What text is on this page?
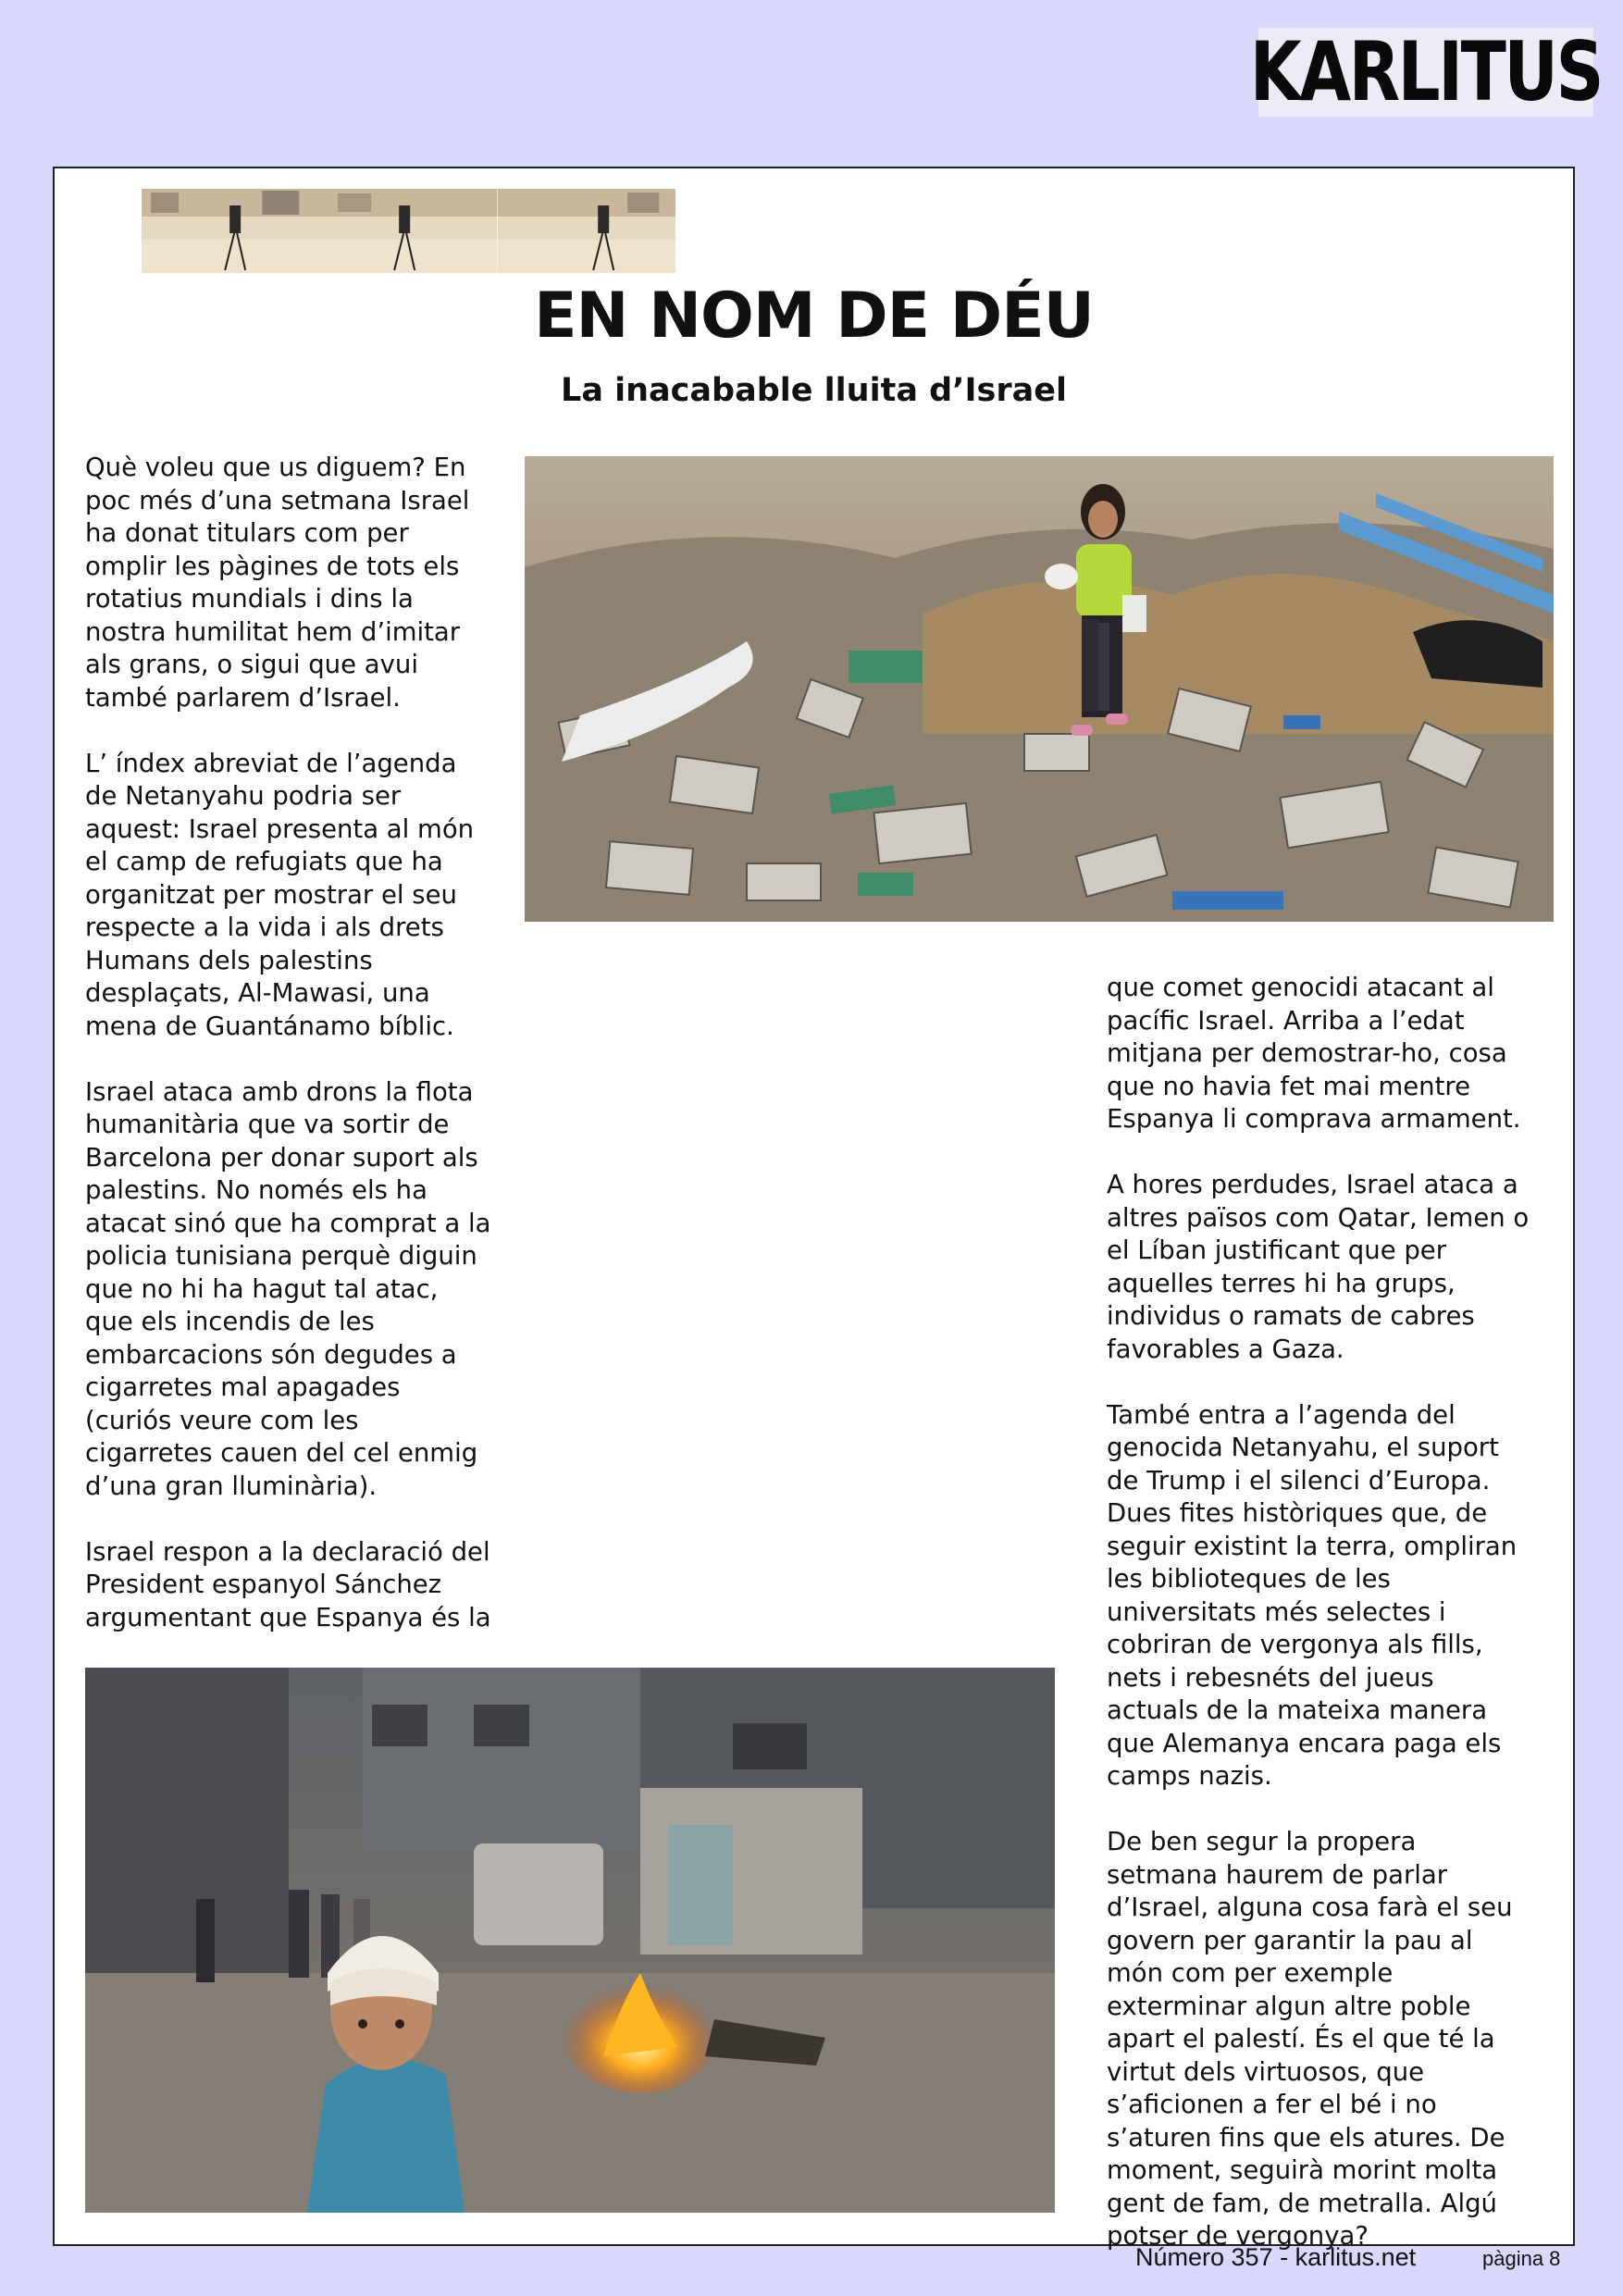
KARLITUS
EN NOM DE DÉU
La inacabable lluita d’Israel

Què voleu que us diguem? En poc més d’una setmana Israel ha donat titulars com per omplir les pàgines de tots els rotatius mundials i dins la nostra humilitat hem d’imitar als grans, o sigui que avui també parlarem d’Israel.

L’ índex abreviat de l’agenda de Netanyahu podria ser aquest: Israel presenta al món el camp de refugiats que ha organitzat per mostrar el seu respecte a la vida i als drets Humans dels palestins desplaçats, Al-Mawasi, una mena de Guantánamo bíblic.

Israel ataca amb drons la flota humanitària que va sortir de Barcelona per donar suport als palestins. No només els ha atacat sinó que ha comprat a la policia tunisiana perquè diguin que no hi ha hagut tal atac, que els incendis de les embarcacions són degudes a cigarretes mal apagades (curiós veure com les cigarretes cauen del cel enmig d’una gran lluminària).

Israel respon a la declaració del President espanyol Sánchez argumentant que Espanya és la

que comet genocidi atacant al pacífic Israel. Arriba a l’edat mitjana per demostrar-ho, cosa que no havia fet mai mentre Espanya li comprava armament.

A hores perdudes, Israel ataca a altres països com Qatar, Iemen o el Líban justificant que per aquelles terres hi ha grups, individus o ramats de cabres favorables a Gaza.

També entra a l’agenda del genocida Netanyahu, el suport de Trump i el silenci d’Europa. Dues fites històriques que, de seguir existint la terra, ompliran les biblioteques de les universitats més selectes i cobriran de vergonya als fills, nets i rebesnéts del jueus actuals de la mateixa manera que Alemanya encara paga els camps nazis.

De ben segur la propera setmana haurem de parlar d’Israel, alguna cosa farà el seu govern per garantir la pau al món com per exemple exterminar algun altre poble apart el palestí. És el que té la virtut dels virtuosos, que s’aficionen a fer el bé i no s’aturen fins que els atures. De moment, seguirà morint molta gent de fam, de metralla. Algú potser de vergonya?

Número 357 - karlitus.net	pàgina 8
